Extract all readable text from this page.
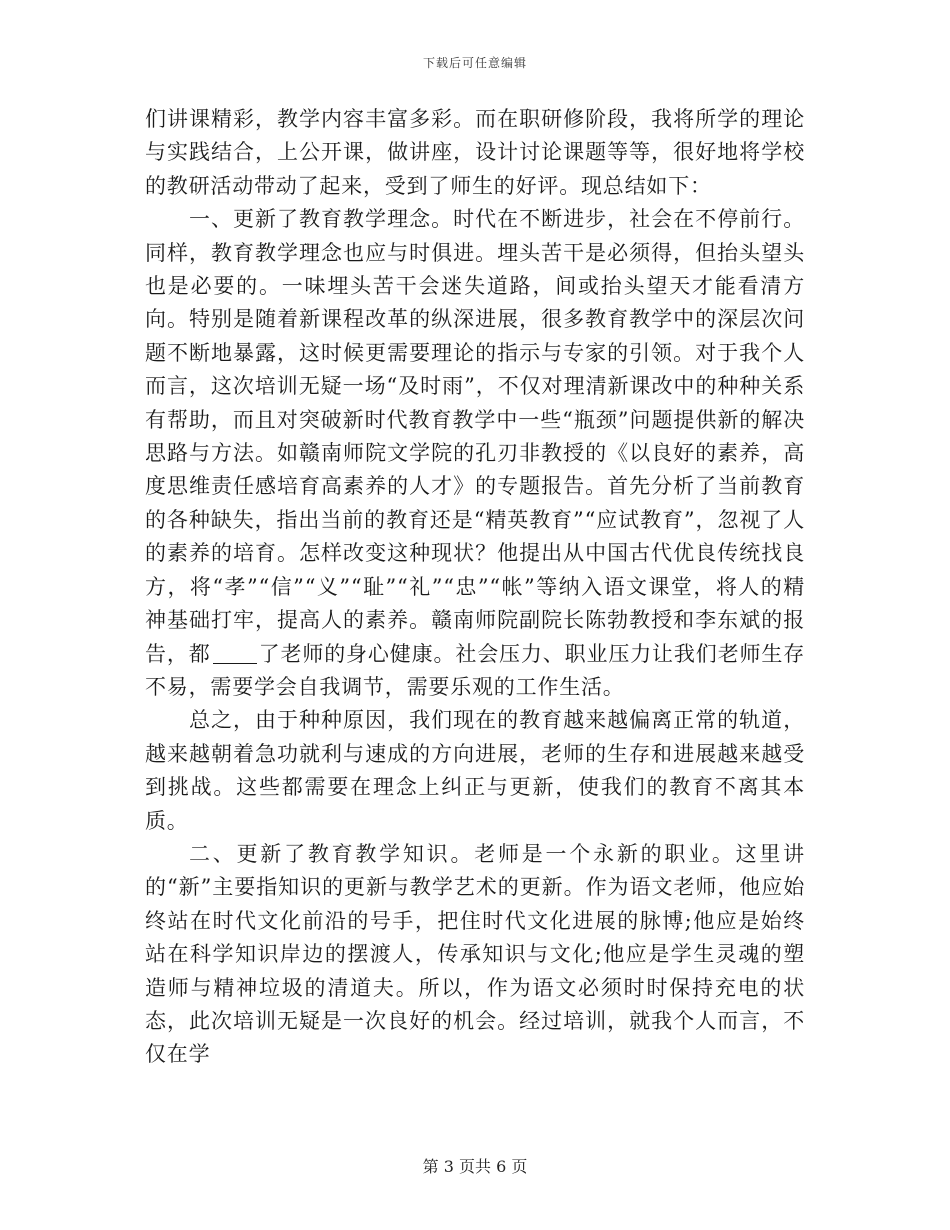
下载后可任意编辑

们讲课精彩，教学内容丰富多彩。而在职研修阶段，我将所学的理论与实践结合，上公开课，做讲座，设计讨论课题等等，很好地将学校的教研活动带动了起来，受到了师生的好评。现总结如下：

一、更新了教育教学理念。时代在不断进步，社会在不停前行。同样，教育教学理念也应与时俱进。埋头苦干是必须得，但抬头望头也是必要的。一味埋头苦干会迷失道路，间或抬头望天才能看清方向。特别是随着新课程改革的纵深进展，很多教育教学中的深层次问题不断地暴露，这时候更需要理论的指示与专家的引领。对于我个人而言，这次培训无疑一场“及时雨”，不仅对理清新课改中的种种关系有帮助，而且对突破新时代教育教学中一些“瓶颈”问题提供新的解决思路与方法。如赣南师院文学院的孔刃非教授的《以良好的素养，高度思维责任感培育高素养的人才》的专题报告。首先分析了当前教育的各种缺失，指出当前的教育还是“精英教育”“应试教育”，忽视了人的素养的培育。怎样改变这种现状？他提出从中国古代优良传统找良方，将“孝”“信”“义”“耻”“礼”“忠”“帐”等纳入语文课堂，将人的精神基础打牢，提高人的素养。赣南师院副院长陈勃教授和李东斌的报告，都 了老师的身心健康。社会压力、职业压力让我们老师生存不易，需要学会自我调节，需要乐观的工作生活。

总之，由于种种原因，我们现在的教育越来越偏离正常的轨道，越来越朝着急功就利与速成的方向进展，老师的生存和进展越来越受到挑战。这些都需要在理念上纠正与更新，使我们的教育不离其本质。

二、更新了教育教学知识。老师是一个永新的职业。这里讲的“新”主要指知识的更新与教学艺术的更新。作为语文老师，他应始终站在时代文化前沿的号手，把住时代文化进展的脉博;他应是始终站在科学知识岸边的摆渡人，传承知识与文化;他应是学生灵魂的塑造师与精神垃圾的清道夫。所以，作为语文必须时时保持充电的状态，此次培训无疑是一次良好的机会。经过培训，就我个人而言，不仅在学

第 3 页共 6 页
